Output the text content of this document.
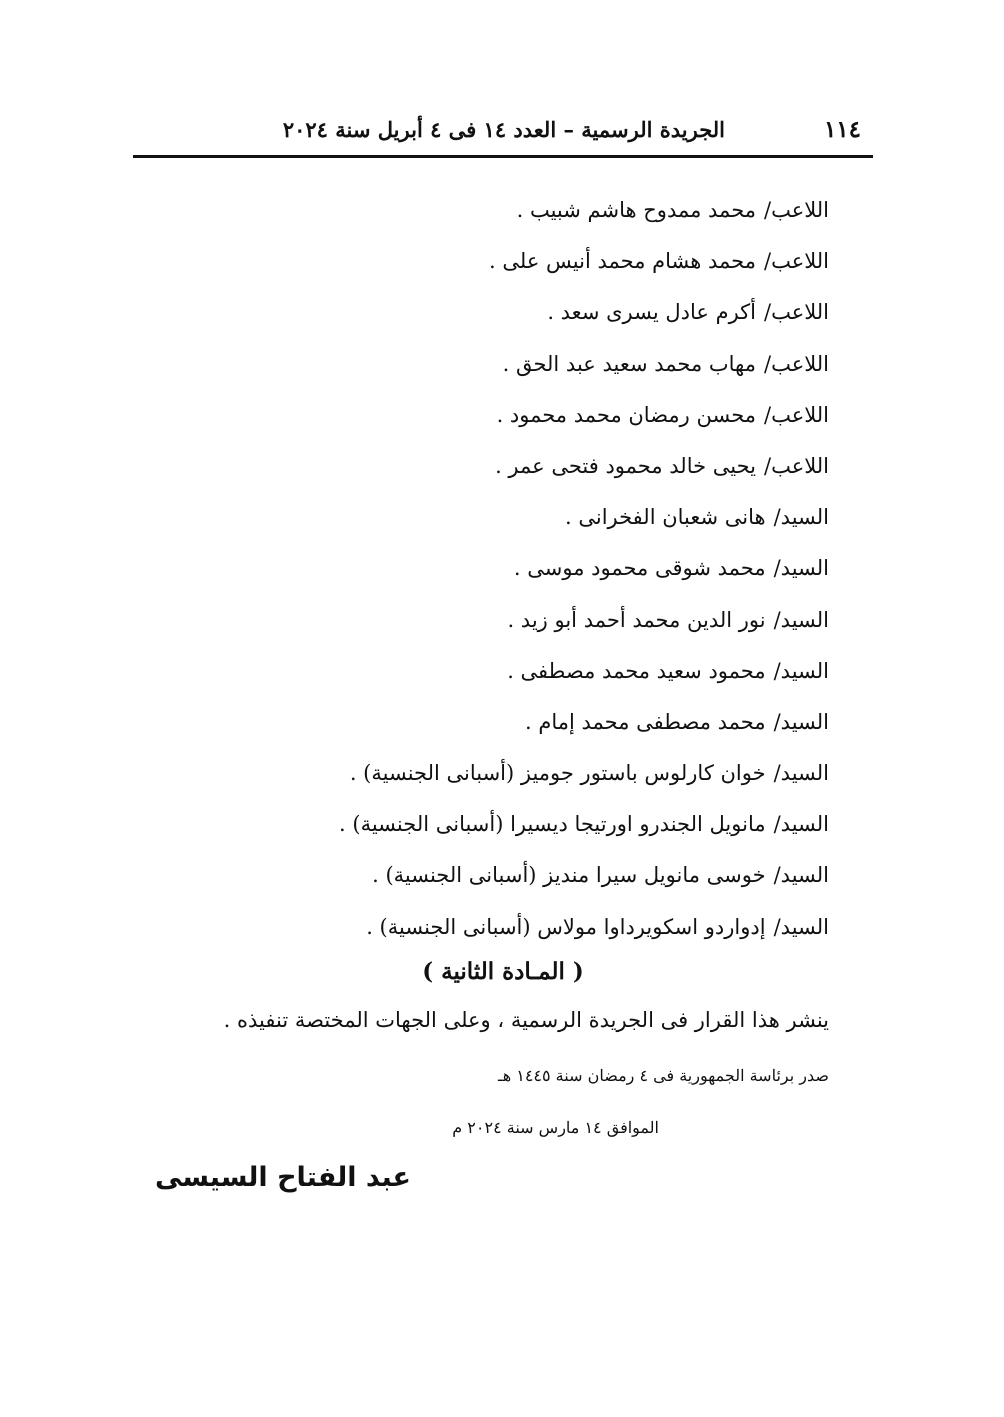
١١٤
الجريدة الرسمية – العدد ١٤ فى ٤ أبريل سنة ٢٠٢٤
اللاعب/محمد ممدوح هاشم شبيب .
اللاعب/محمد هشام محمد أنيس على .
اللاعب/أكرم عادل يسرى سعد .
اللاعب/مهاب محمد سعيد عبد الحق .
اللاعب/محسن رمضان محمد محمود .
اللاعب/يحيى خالد محمود فتحى عمر .
السيد/هانى شعبان الفخرانى .
السيد/محمد شوقى محمود موسى .
السيد/نور الدين محمد أحمد أبو زيد .
السيد/محمود سعيد محمد مصطفى .
السيد/محمد مصطفى محمد إمام .
السيد/خوان كارلوس باستور جوميز (أسبانى الجنسية) .
السيد/مانويل الجندرو اورتيجا ديسيرا (أسبانى الجنسية) .
السيد/خوسى مانويل سيرا منديز (أسبانى الجنسية) .
السيد/إدواردو اسكويرداوا مولاس (أسبانى الجنسية) .
( المـادة الثانية )
ينشر هذا القرار فى الجريدة الرسمية ، وعلى الجهات المختصة تنفيذه .
صدر برئاسة الجمهورية فى ٤ رمضان سنة ١٤٤٥ هـ
الموافق ١٤ مارس سنة ٢٠٢٤ م
عبد الفتاح السيسى
